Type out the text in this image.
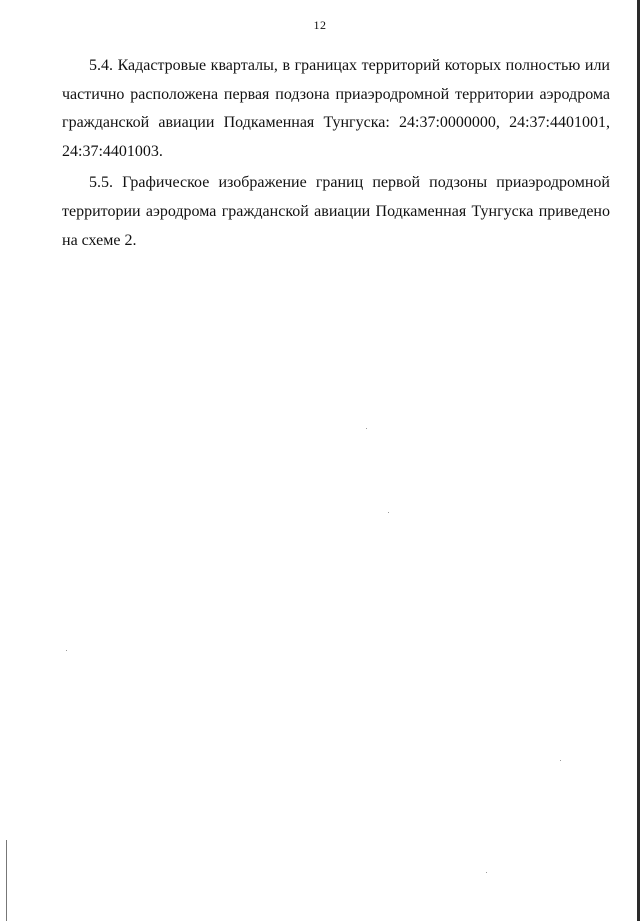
12

5.4. Кадастровые кварталы, в границах территорий которых полностью или частично расположена первая подзона приаэродромной территории аэродрома гражданской авиации Подкаменная Тунгуска: 24:37:0000000, 24:37:4401001, 24:37:4401003.

5.5. Графическое изображение границ первой подзоны приаэродромной территории аэродрома гражданской авиации Подкаменная Тунгуска приведено на схеме 2.
